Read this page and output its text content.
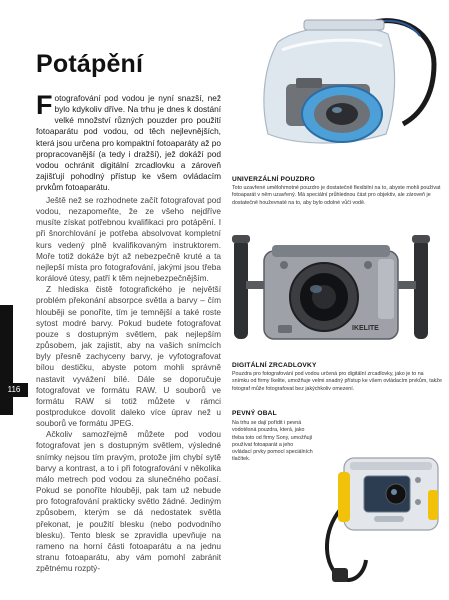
116
Potápění

Fotografování pod vodou je nyní snazší, než bylo kdykoliv dříve. Na trhu je dnes k dostání velké množství různých pouzder pro použití fotoaparátu pod vodou, od těch nejlevnějších, která jsou určena pro kompaktní fotoaparáty až po propracovanější (a tedy i dražší), jež dokáží pod vodou ochránit digitální zrcadlovku a zároveň zajišťují pohodlný přístup ke všem ovládacím prvkům fotoaparátu.

Ještě než se rozhodnete začít fotografovat pod vodou, nezapomeňte, že ze všeho nejdříve musíte získat potřebnou kvalifikaci pro potápění. I při šnorchlování je potřeba absolvovat kompletní kurs vedený plně kvalifikovaným instruktorem. Moře totiž dokáže být až nebezpečně kruté a ta nejlepší místa pro fotografování, jakými jsou třeba korálové útesy, patří k těm nejnebezpečnějším.

Z hlediska čistě fotografického je největší problém překonání absorpce světla a barvy – čím hlouběji se ponoříte, tím je temnější a také roste sytost modré barvy. Pokud budete fotografovat pouze s dostupným světlem, pak nejlepším způsobem, jak zajistit, aby na vašich snímcích byly přesně zachyceny barvy, je vyfotografovat bílou destičku, abyste potom mohli správně nastavit vyvážení bílé. Dále se doporučuje fotografovat ve formátu RAW. U souborů ve formátu RAW si totiž můžete v rámci postprodukce dovolit daleko více úprav než u souborů ve formátu JPEG.

Ačkoliv samozřejmě můžete pod vodou fotografovat jen s dostupným světlem, výsledné snímky nejsou tím pravým, protože jim chybí sytě barvy a kontrast, a to i při fotografování v několika málo metrech pod vodou za slunečného počasí. Pokud se ponoříte hlouběji, pak tam už nebude pro fotografování prakticky světlo žádné. Jediným způsobem, kterým se dá nedostatek světla překonat, je použití blesku (nebo podvodního blesku). Tento blesk se zpravidla upevňuje na rameno na horní části fotoaparátu a na jednu stranu fotoaparátu, aby vám pomohl zabránit zpětnému rozptý-

UNIVERZÁLNÍ POUZDRO

Toto uzavřené umělohmotné pouzdro je dostatečně flexibilní na to, abyste mohli používat fotoaparát v něm uzavřený. Má speciální průhlednou část pro objektiv, ale zároveň je dostatečně houževnaté na to, aby bylo odolné vůči vodě.

IKELITE
DIGITÁLNÍ ZRCADLOVKY

Pouzdra pro fotografování pod vodou určená pro digitální zrcadlovky, jako je to na snímku od firmy Ikelite, umožňuje velmi snadný přístup ke všem ovládacím prvkům, takže fotograf může fotografovat bez jakýchkoliv omezení.

PEVNÝ OBAL

Na trhu se dají pořídit i pevná vodotěsná pouzdra, která, jako třeba toto od firmy Sony, umožňují používat fotoaparát a jeho ovládací prvky pomocí speciálních tlačítek.
